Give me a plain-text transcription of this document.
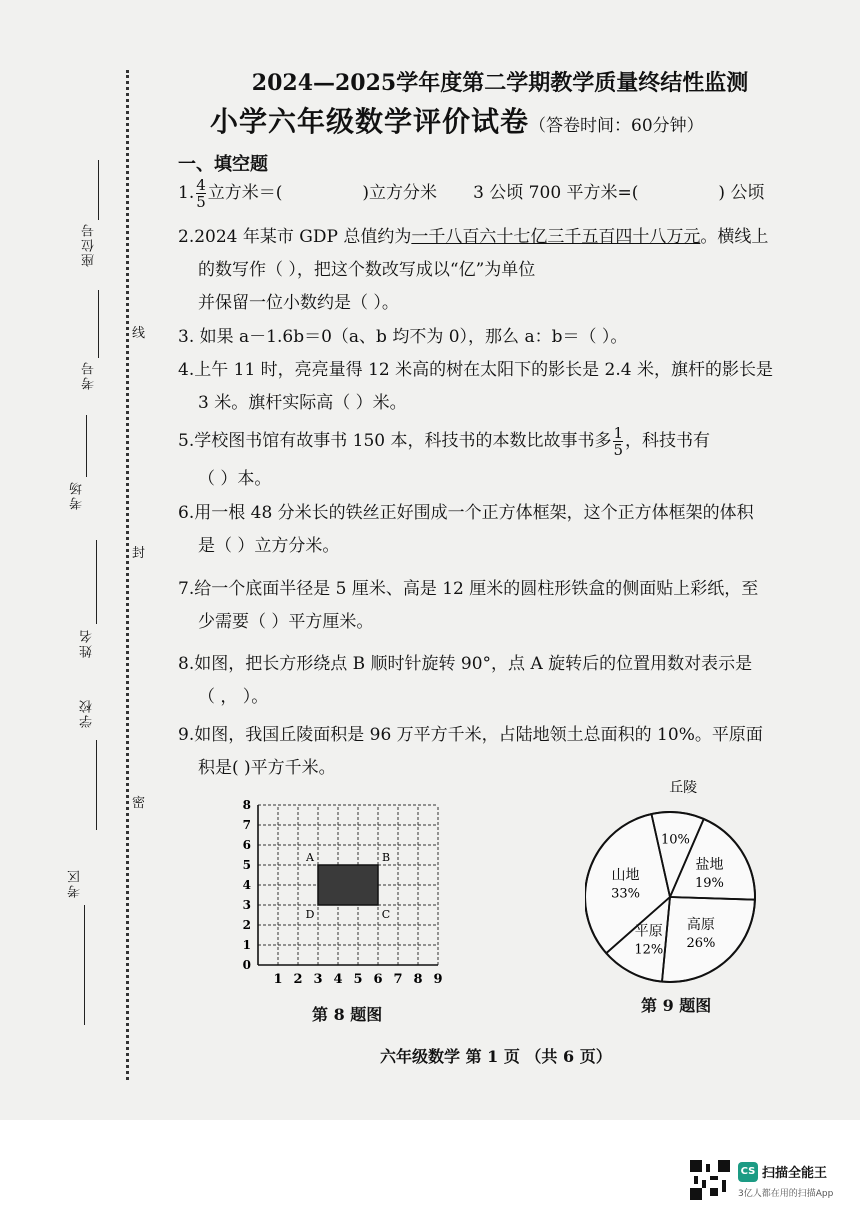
线
封
密
座位号
考号
考场
姓名
学校
考区
2024—2025学年度第二学期教学质量终结性监测
小学六年级数学评价试卷（答卷时间：60分钟）
一、填空题
1. $\frac{4}{5}$ 立方米＝(	)立方分米 3 公顷 700 平方米=(	) 公顷
2.2024 年某市 GDP 总值约为一千八百六十七亿三千五百四十八万元。横线上
的数写作（ ），把这个数改写成以“亿”为单位
并保留一位小数约是（ ）。
3. 如果 a－1.6b＝0（a、b 均不为 0），那么 a：b＝（ ）。
4.上午 11 时，亮亮量得 12 米高的树在太阳下的影长是 2.4 米，旗杆的影长是
3 米。旗杆实际高（ ）米。
5.学校图书馆有故事书 150 本，科技书的本数比故事书多 $\frac{1}{5}$ ，科技书有
（ ）本。
6.用一根 48 分米长的铁丝正好围成一个正方体框架，这个正方体框架的体积
是（ ）立方分米。
7.给一个底面半径是 5 厘米、高是 12 厘米的圆柱形铁盒的侧面贴上彩纸，至
少需要（ ）平方厘米。
8.如图，把长方形绕点 B 顺时针旋转 90°，点 A 旋转后的位置用数对表示是
（ ， ）。
9.如图，我国丘陵面积是 96 万平方千米，占陆地领土总面积的 10%。平原面
积是( )平方千米。
1 2 3 4 5 6 7 8 9
0
1
2
3
4
5
6
7
8
A	B
C
D
第 8 题图
丘陵
10%
盐地
19%
高原
26%
平原
12%
山地
33%
第 9 题图
六年级数学 第 1 页 （共 6 页）
CS 扫描全能王
3亿人都在用的扫描App
